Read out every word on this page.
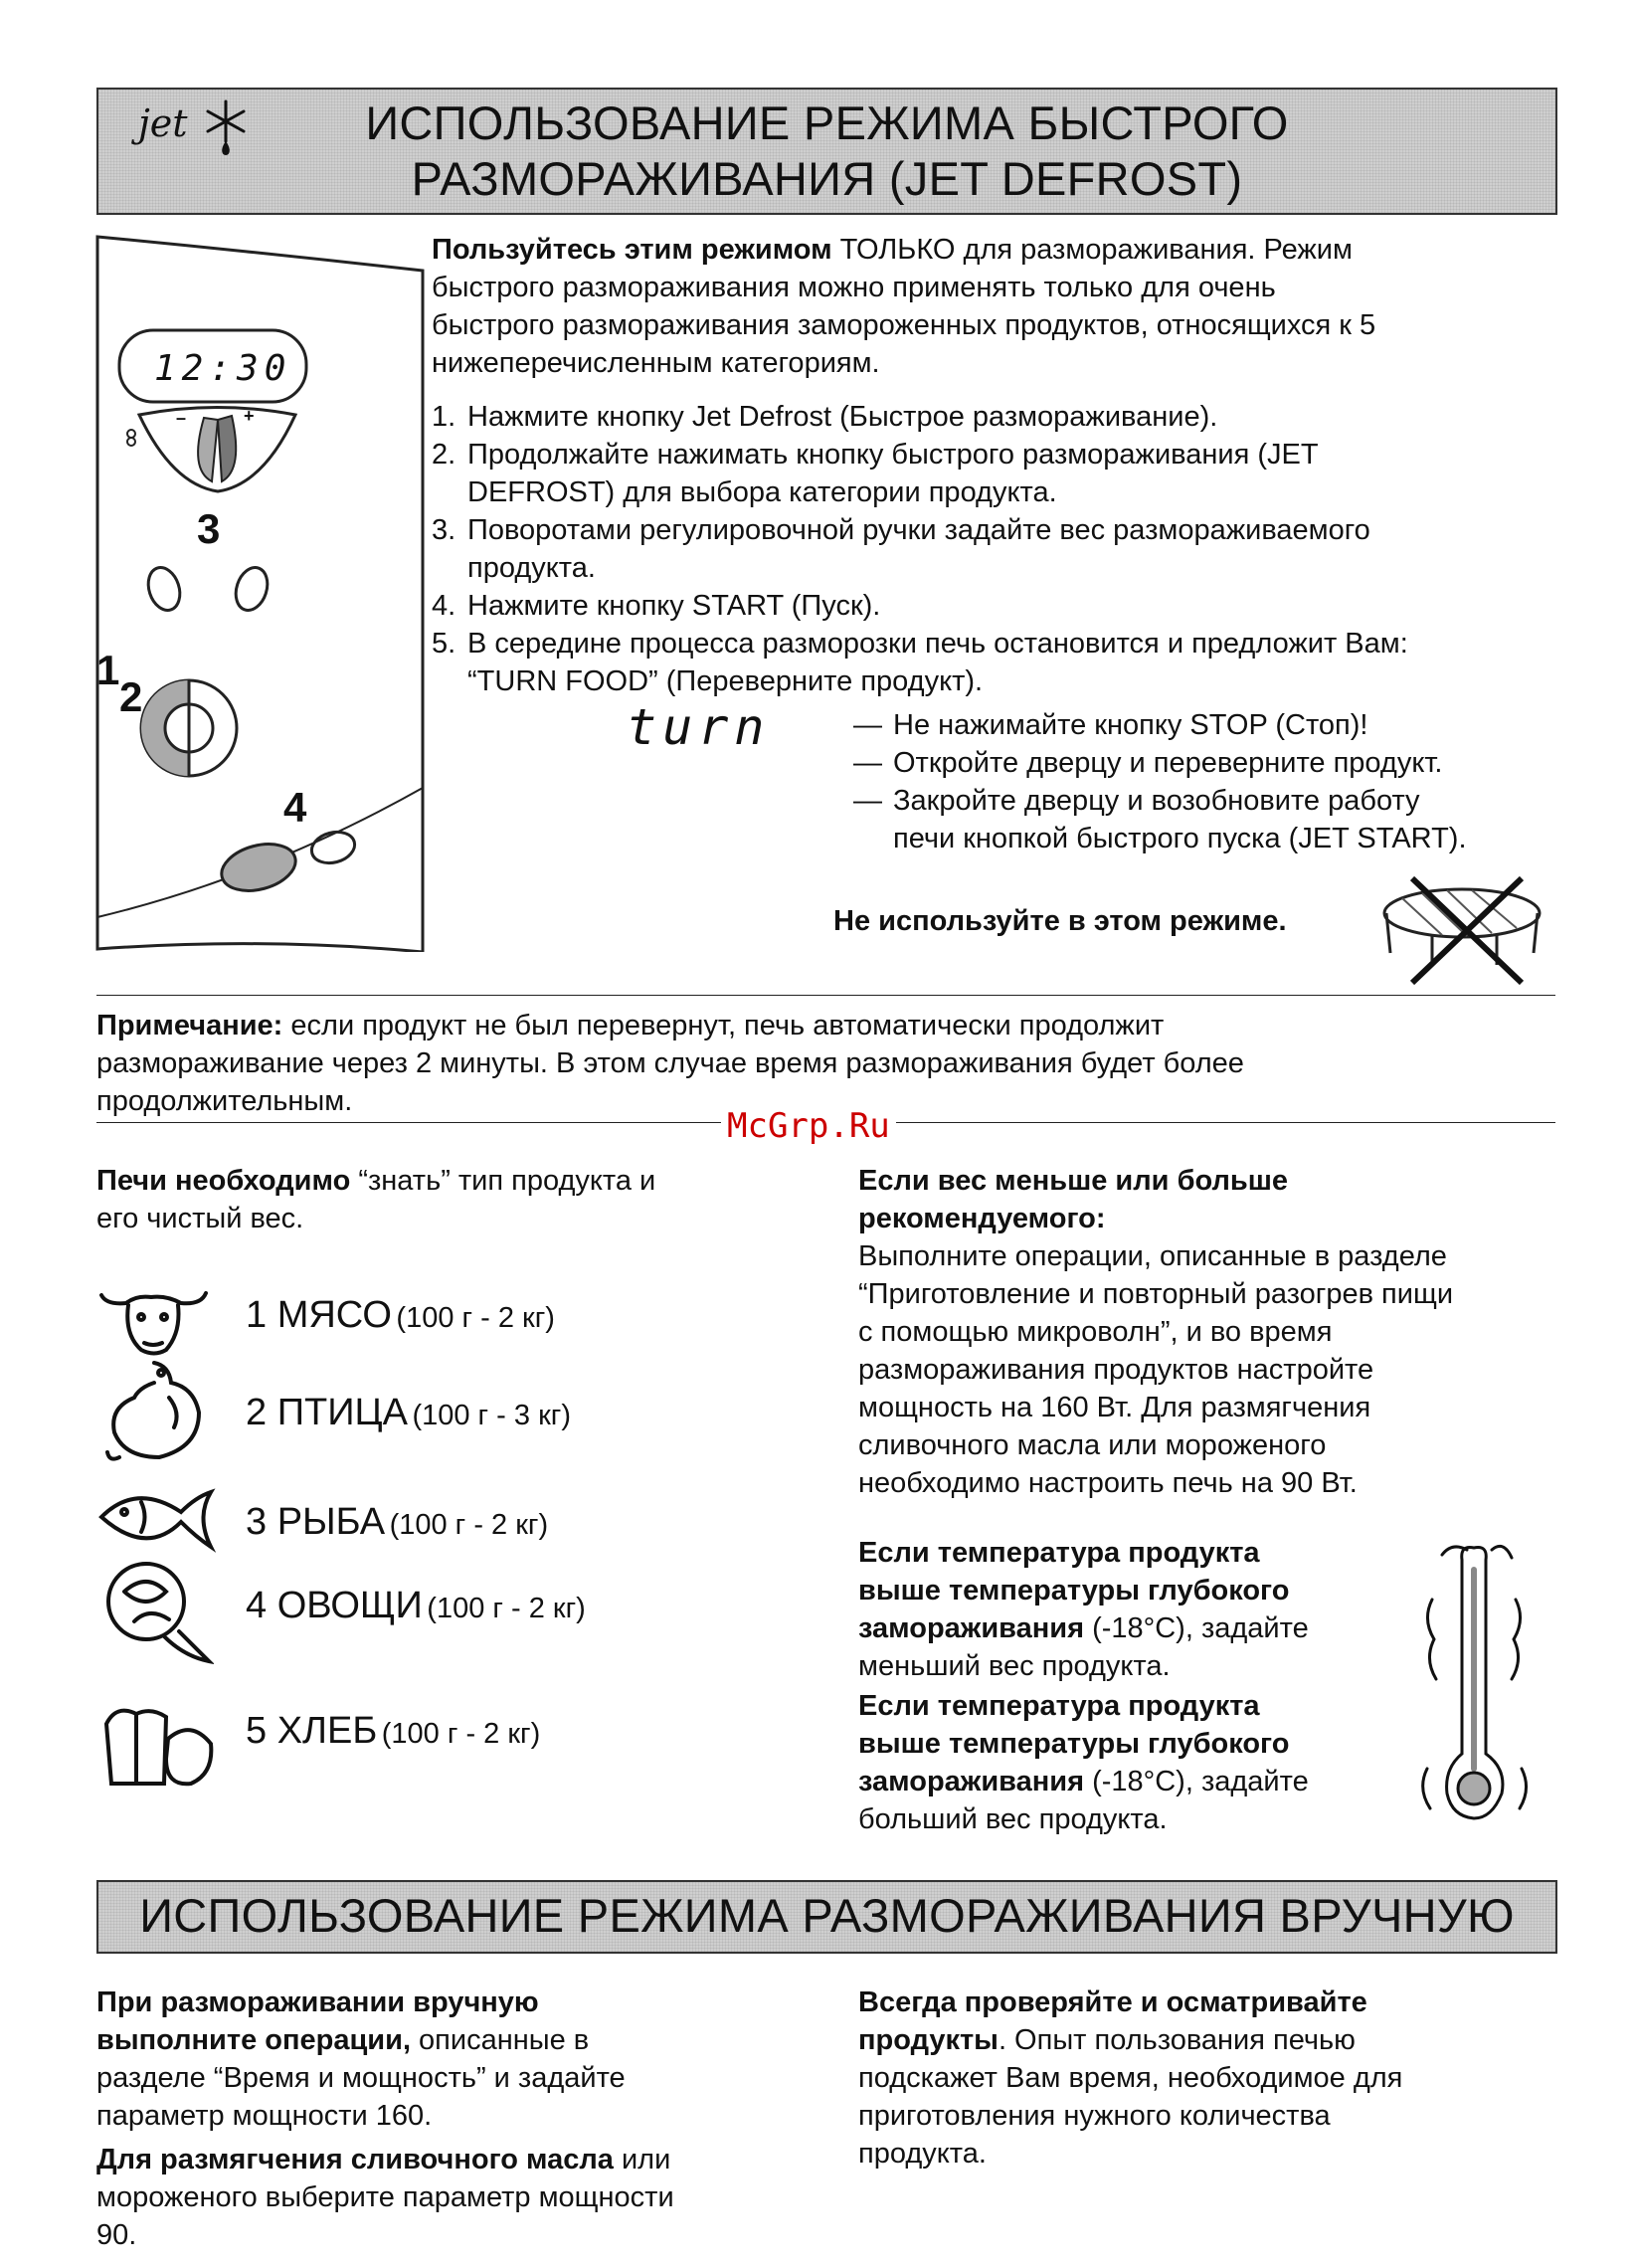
jet	ИСПОЛЬЗОВАНИЕ РЕЖИМА БЫСТРОГО
РАЗМОРАЖИВАНИЯ (JET DEFROST)
12:30
–	+
3
1
2
4
Пользуйтесь этим режимом ТОЛЬКО для размораживания. Режим
быстрого размораживания можно применять только для очень
быстрого размораживания замороженных продуктов, относящихся к 5
нижеперечисленным категориям.
1. Нажмите кнопку Jet Defrost (Быстрое размораживание).
2. Продолжайте нажимать кнопку быстрого размораживания (JET
DEFROST) для выбора категории продукта.
3. Поворотами регулировочной ручки задайте вес размораживаемого
продукта.
4. Нажмите кнопку START (Пуск).
5. В середине процесса разморозки печь остановится и предложит Вам:
“TURN FOOD” (Переверните продукт).
turn	— Не нажимайте кнопку STOP (Стоп)!
— Откройте дверцу и переверните продукт.
— Закройте дверцу и возобновите работу
печи кнопкой быстрого пуска (JET START).
Не используйте в этом режиме.
Примечание: если продукт не был перевернут, печь автоматически продолжит
размораживание через 2 минуты. В этом случае время размораживания будет более
продолжительным.
McGrp.Ru
Печи необходимо “знать” тип продукта и
его чистый вес.
1 МЯСО (100 г - 2 кг)
2 ПТИЦА (100 г - 3 кг)
3 РЫБА (100 г - 2 кг)
4 ОВОЩИ (100 г - 2 кг)
5 ХЛЕБ (100 г - 2 кг)
Если вес меньше или больше
рекомендуемого:
Выполните операции, описанные в разделе
“Приготовление и повторный разогрев пищи
с помощью микроволн”, и во время
размораживания продуктов настройте
мощность на 160 Вт. Для размягчения
сливочного масла или мороженого
необходимо настроить печь на 90 Вт.
Если температура продукта
выше температуры глубокого
замораживания (-18°C), задайте
меньший вес продукта.
Если температура продукта
выше температуры глубокого
замораживания (-18°C), задайте
больший вес продукта.
ИСПОЛЬЗОВАНИЕ РЕЖИМА РАЗМОРАЖИВАНИЯ ВРУЧНУЮ
При размораживании вручную
выполните операции, описанные в
разделе “Время и мощность” и задайте
параметр мощности 160.
Для размягчения сливочного масла или
мороженого выберите параметр мощности
90.
Всегда проверяйте и осматривайте
продукты. Опыт пользования печью
подскажет Вам время, необходимое для
приготовления нужного количества
продукта.
